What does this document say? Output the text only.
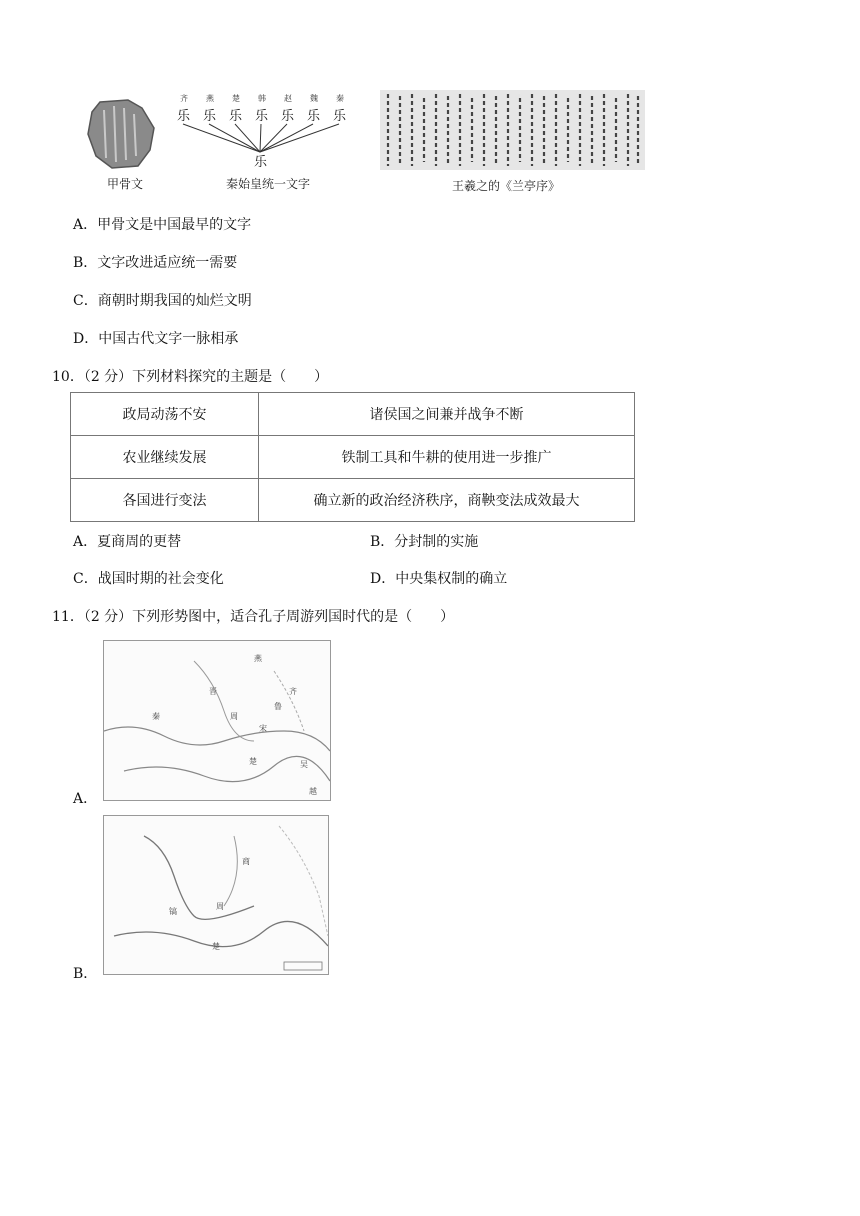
甲骨文
齐 燕 楚 韩 赵 魏 秦
乐 乐 乐 乐 乐 乐 乐
乐
秦始皇统一文字	王羲之的《兰亭序》
A．甲骨文是中国最早的文字
B．文字改进适应统一需要
C．商朝时期我国的灿烂文明
D．中国古代文字一脉相承
10．（2 分）下列材料探究的主题是（　　）
政局动荡不安	诸侯国之间兼并战争不断
农业继续发展	铁制工具和牛耕的使用进一步推广
各国进行变法	确立新的政治经济秩序，商鞅变法成效最大
A．夏商周的更替	B．分封制的实施
C．战国时期的社会变化	D．中央集权制的确立
11．（2 分）下列形势图中，适合孔子周游列国时代的是（　　）
燕
齐
秦	周
楚	吴
越
鲁
宋
晋
A．
周
镐
商
楚
B．
